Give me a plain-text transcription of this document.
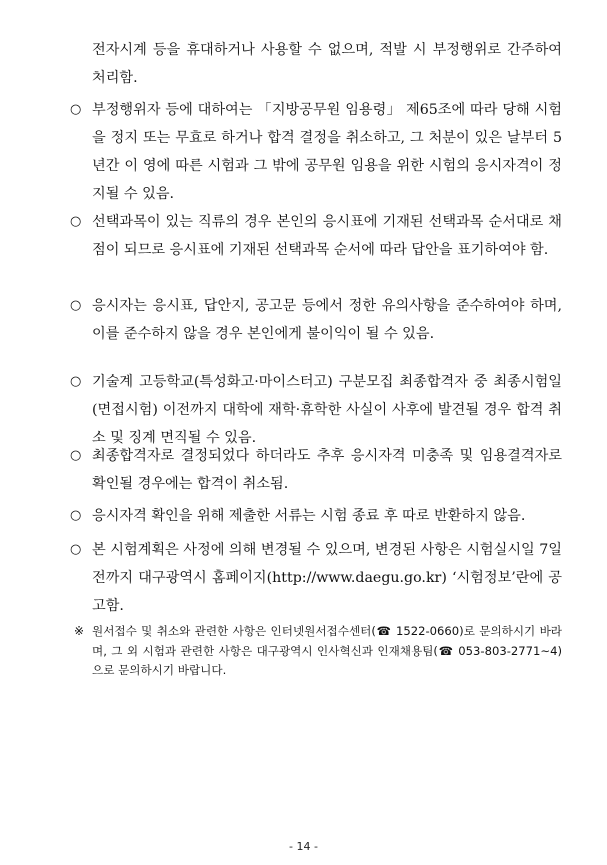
전자시계 등을 휴대하거나 사용할 수 없으며, 적발 시 부정행위로 간주하여 처리함.

○ 부정행위자 등에 대하여는 「지방공무원 임용령」 제65조에 따라 당해 시험을 정지 또는 무효로 하거나 합격 결정을 취소하고, 그 처분이 있은 날부터 5년간 이 영에 따른 시험과 그 밖에 공무원 임용을 위한 시험의 응시자격이 정지될 수 있음.

○ 선택과목이 있는 직류의 경우 본인의 응시표에 기재된 선택과목 순서대로 채점이 되므로 응시표에 기재된 선택과목 순서에 따라 답안을 표기하여야 함.

○ 응시자는 응시표, 답안지, 공고문 등에서 정한 유의사항을 준수하여야 하며, 이를 준수하지 않을 경우 본인에게 불이익이 될 수 있음.

○ 기술계 고등학교(특성화고·마이스터고) 구분모집 최종합격자 중 최종시험일(면접시험) 이전까지 대학에 재학·휴학한 사실이 사후에 발견될 경우 합격 취소 및 징계 면직될 수 있음.

○ 최종합격자로 결정되었다 하더라도 추후 응시자격 미충족 및 임용결격자로 확인될 경우에는 합격이 취소됨.

○ 응시자격 확인을 위해 제출한 서류는 시험 종료 후 따로 반환하지 않음.

○ 본 시험계획은 사정에 의해 변경될 수 있으며, 변경된 사항은 시험실시일 7일전까지 대구광역시 홈페이지(http://www.daegu.go.kr) ‘시험정보’란에 공고함.

※ 원서접수 및 취소와 관련한 사항은 인터넷원서접수센터(☎ 1522-0660)로 문의하시기 바라며, 그 외 시험과 관련한 사항은 대구광역시 인사혁신과 인재채용팀(☎ 053-803-2771∼4)으로 문의하시기 바랍니다.

- 14 -
